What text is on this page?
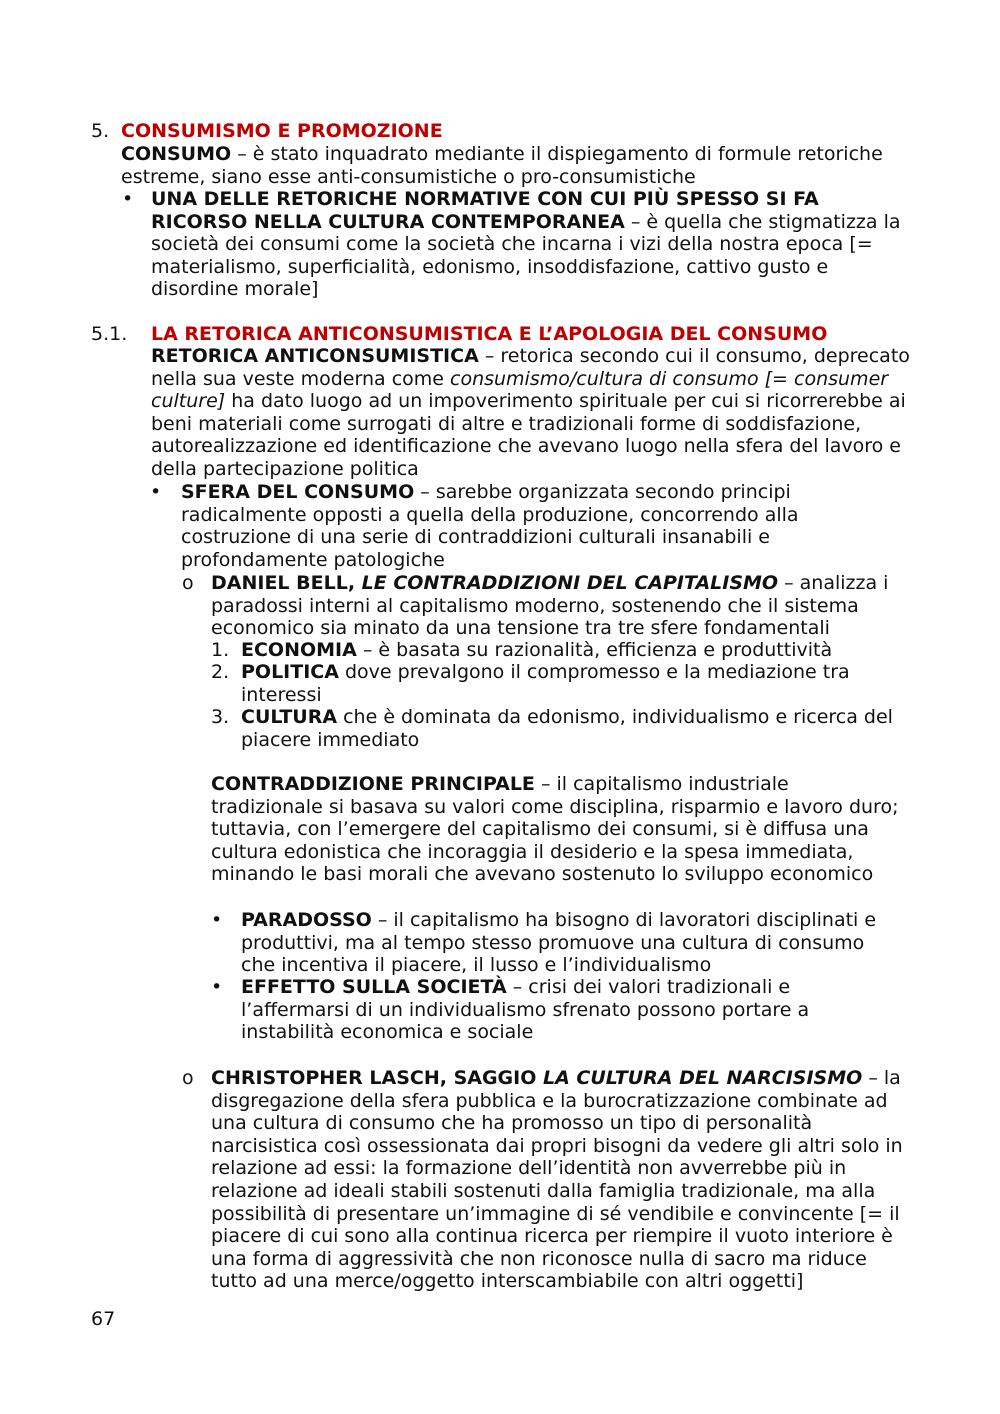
5. CONSUMISMO E PROMOZIONE
CONSUMO – è stato inquadrato mediante il dispiegamento di formule retoriche estreme, siano esse anti-consumistiche o pro-consumistiche
• UNA DELLE RETORICHE NORMATIVE CON CUI PIÙ SPESSO SI FA RICORSO NELLA CULTURA CONTEMPORANEA – è quella che stigmatizza la società dei consumi come la società che incarna i vizi della nostra epoca [= materialismo, superficialità, edonismo, insoddisfazione, cattivo gusto e disordine morale]
5.1. LA RETORICA ANTICONSUMISTICA E L’APOLOGIA DEL CONSUMO
RETORICA ANTICONSUMISTICA – retorica secondo cui il consumo, deprecato nella sua veste moderna come consumismo/cultura di consumo [= consumer culture] ha dato luogo ad un impoverimento spirituale per cui si ricorrerebbe ai beni materiali come surrogati di altre e tradizionali forme di soddisfazione, autorealizzazione ed identificazione che avevano luogo nella sfera del lavoro e della partecipazione politica
• SFERA DEL CONSUMO – sarebbe organizzata secondo principi radicalmente opposti a quella della produzione, concorrendo alla costruzione di una serie di contraddizioni culturali insanabili e profondamente patologiche
o DANIEL BELL, LE CONTRADDIZIONI DEL CAPITALISMO – analizza i paradossi interni al capitalismo moderno, sostenendo che il sistema economico sia minato da una tensione tra tre sfere fondamentali
1. ECONOMIA – è basata su razionalità, efficienza e produttività
2. POLITICA dove prevalgono il compromesso e la mediazione tra interessi
3. CULTURA che è dominata da edonismo, individualismo e ricerca del piacere immediato
CONTRADDIZIONE PRINCIPALE – il capitalismo industriale tradizionale si basava su valori come disciplina, risparmio e lavoro duro; tuttavia, con l’emergere del capitalismo dei consumi, si è diffusa una cultura edonistica che incoraggia il desiderio e la spesa immediata, minando le basi morali che avevano sostenuto lo sviluppo economico
• PARADOSSO – il capitalismo ha bisogno di lavoratori disciplinati e produttivi, ma al tempo stesso promuove una cultura di consumo che incentiva il piacere, il lusso e l’individualismo
• EFFETTO SULLA SOCIETÀ – crisi dei valori tradizionali e l’affermarsi di un individualismo sfrenato possono portare a instabilità economica e sociale
o CHRISTOPHER LASCH, SAGGIO LA CULTURA DEL NARCISISMO – la disgregazione della sfera pubblica e la burocratizzazione combinate ad una cultura di consumo che ha promosso un tipo di personalità narcisistica così ossessionata dai propri bisogni da vedere gli altri solo in relazione ad essi: la formazione dell’identità non avverrebbe più in relazione ad ideali stabili sostenuti dalla famiglia tradizionale, ma alla possibilità di presentare un’immagine di sé vendibile e convincente [= il piacere di cui sono alla continua ricerca per riempire il vuoto interiore è una forma di aggressività che non riconosce nulla di sacro ma riduce tutto ad una merce/oggetto interscambiabile con altri oggetti]
67
